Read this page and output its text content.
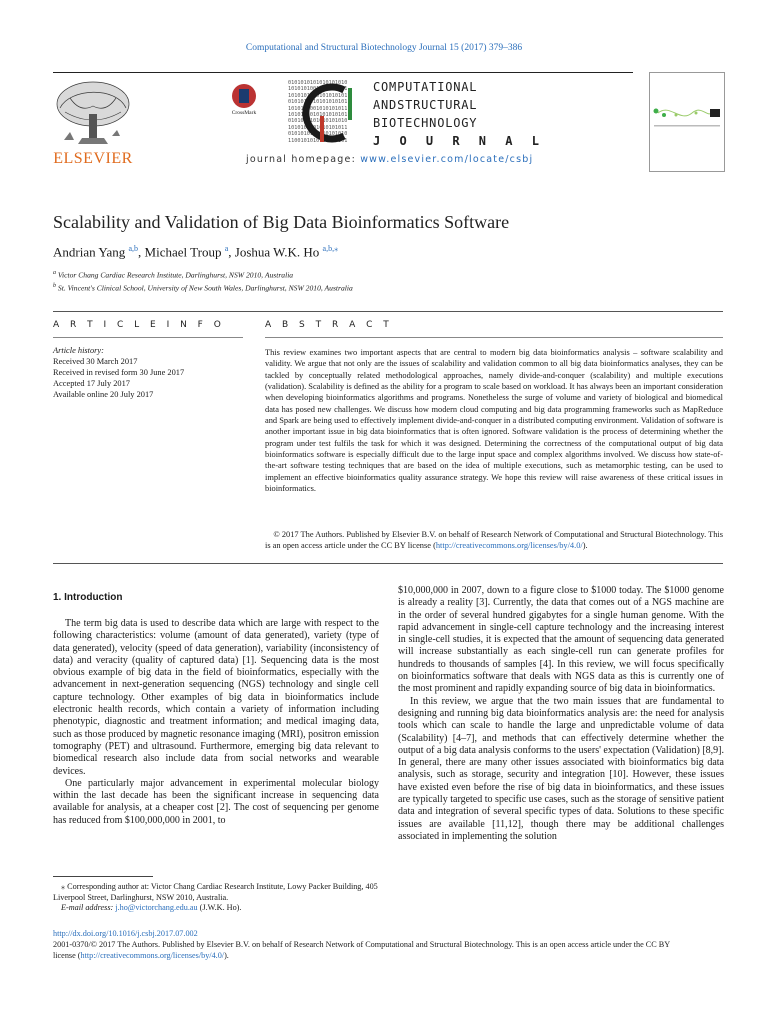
Computational and Structural Biotechnology Journal 15 (2017) 379–386
ELSEVIER
CrossMark
0101010101010101010
1010101001010101011
1010101010101010101
0101010010101010101
1010101001010101011
1010101010101010101
0101010101010101010
1010101001010101011
0101010101010101010
1100101010101010101
COMPUTATIONAL
ANDSTRUCTURAL
BIOTECHNOLOGY
J O U R N A L
journal homepage: www.elsevier.com/locate/csbj
Scalability and Validation of Big Data Bioinformatics Software
Andrian Yang $^{a,b}$, Michael Troup $^a$, Joshua W.K. Ho $^{a,b,⁎}$
$^a$ Victor Chang Cardiac Research Institute, Darlinghurst, NSW 2010, Australia
$^b$ St. Vincent's Clinical School, University of New South Wales, Darlinghurst, NSW 2010, Australia
A R T I C L E I N F O	A B S T R A C T
Article history:
Received 30 March 2017
Received in revised form 30 June 2017
Accepted 17 July 2017
Available online 20 July 2017
This review examines two important aspects that are central to modern big data bioinformatics analysis – software scalability and validity. We argue that not only are the issues of scalability and validation common to all big data bioinformatics analyses, they can be tackled by conceptually related methodological approaches, namely divide-and-conquer (scalability) and multiple executions (validation). Scalability is defined as the ability for a program to scale based on workload. It has always been an important consideration when developing bioinformatics algorithms and programs. Nonetheless the surge of volume and variety of biological and biomedical data has posed new challenges. We discuss how modern cloud computing and big data programming frameworks such as MapReduce and Spark are being used to effectively implement divide-and-conquer in a distributed computing environment. Validation of software is another important issue in big data bioinformatics that is often ignored. Software validation is the process of determining whether the program under test fulfils the task for which it was designed. Determining the correctness of the computational output of big data bioinformatics software is especially difficult due to the large input space and complex algorithms involved. We discuss how state-of-the-art software testing techniques that are based on the idea of multiple executions, such as metamorphic testing, can be used to implement an effective bioinformatics quality assurance strategy. We hope this review will raise awareness of these critical issues in bioinformatics.
© 2017 The Authors. Published by Elsevier B.V. on behalf of Research Network of Computational and Structural Biotechnology. This is an open access article under the CC BY license (http://creativecommons.org/licenses/by/4.0/).
1. Introduction

The term big data is used to describe data which are large with respect to the following characteristics: volume (amount of data generated), variety (type of data generated), velocity (speed of data generation), variability (inconsistency of data) and veracity (quality of captured data) [1]. Sequencing data is the most obvious example of big data in the field of bioinformatics, especially with the advancement in next-generation sequencing (NGS) technology and single cell capture technology. Other examples of big data in bioinformatics include electronic health records, which contain a variety of information including phenotypic, diagnostic and treatment information; and medical imaging data, such as those produced by magnetic resonance imaging (MRI), positron emission tomography (PET) and ultrasound. Furthermore, emerging big data relevant to biomedical research also include data from social networks and wearable devices.

One particularly major advancement in experimental molecular biology within the last decade has been the significant increase in sequencing data available for analysis, at a cheaper cost [2]. The cost of sequencing per genome has reduced from $100,000,000 in 2001, to

$10,000,000 in 2007, down to a figure close to $1000 today. The $1000 genome is already a reality [3]. Currently, the data that comes out of a NGS machine are in the order of several hundred gigabytes for a single human genome. With the rapid advancement in single-cell capture technology and the increasing interest in single-cell studies, it is expected that the amount of sequencing data generated will increase substantially as each single-cell run can generate profiles for hundreds to thousands of samples [4]. In this review, we will focus specifically on bioinformatics software that deals with NGS data as this is currently one of the most prominent and rapidly expanding source of big data in bioinformatics.

In this review, we argue that the two main issues that are fundamental to designing and running big data bioinformatics analysis are: the need for analysis tools which can scale to handle the large and unpredictable volume of data (Scalability) [4–7], and methods that can effectively determine whether the output of a big data analysis conforms to the users' expectation (Validation) [8,9]. In general, there are many other issues associated with bioinformatics big data analysis, such as storage, security and integration [10]. However, these issues have existed even before the rise of big data in bioinformatics, and these issues are typically targeted to specific use cases, such as the storage of sensitive patient data and integration of several specific types of data. Solutions to these specific issues are available [11,12], though there may be additional challenges associated in implementing the solution

⁎ Corresponding author at: Victor Chang Cardiac Research Institute, Lowy Packer Building, 405 Liverpool Street, Darlinghurst, NSW 2010, Australia.
E-mail address: j.ho@victorchang.edu.au (J.W.K. Ho).
http://dx.doi.org/10.1016/j.csbj.2017.07.002
2001-0370/© 2017 The Authors. Published by Elsevier B.V. on behalf of Research Network of Computational and Structural Biotechnology. This is an open access article under the CC BY
license (http://creativecommons.org/licenses/by/4.0/).
